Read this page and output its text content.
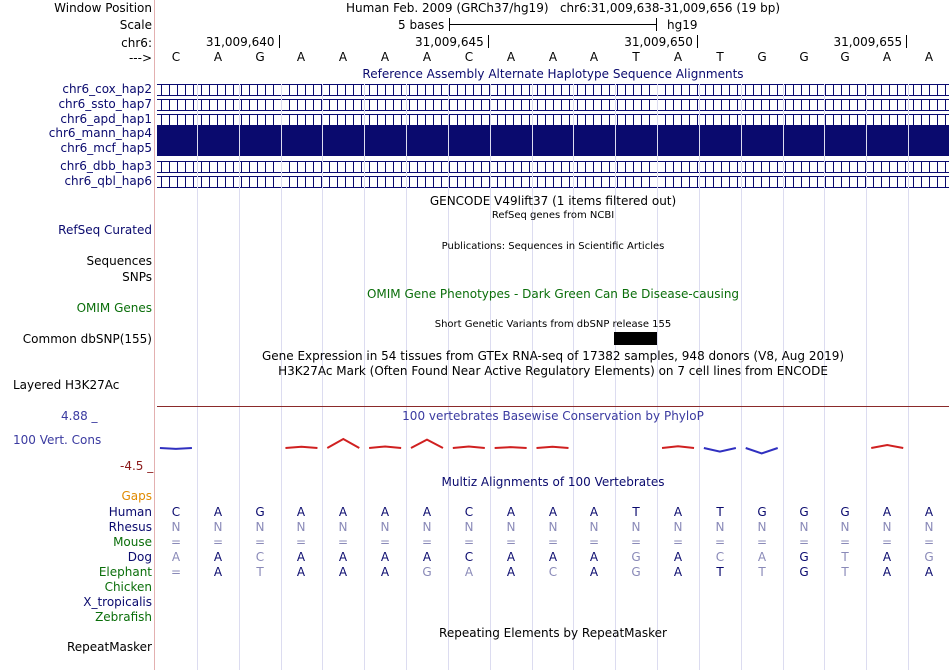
Window Position	Human Feb. 2009 (GRCh37/hg19)   chr6:31,009,638-31,009,656 (19 bp)
Scale	5 bases	hg19
chr6:
--->
31,009,640	31,009,645	31,009,650	31,009,655
C	A	G	A	A	A	A	C	A	A	A	T	A	T	G	G	G	A	A
Reference Assembly Alternate Haplotype Sequence Alignments
chr6_cox_hap2
chr6_ssto_hap7
chr6_apd_hap1
chr6_mann_hap4
chr6_mcf_hap5
chr6_dbb_hap3
chr6_qbl_hap6
GENCODE V49lift37 (1 items filtered out)
RefSeq genes from NCBI
RefSeq Curated
Publications: Sequences in Scientific Articles
Sequences
SNPs
OMIM Gene Phenotypes - Dark Green Can Be Disease-causing
OMIM Genes
Short Genetic Variants from dbSNP release 155
Common dbSNP(155)
Gene Expression in 54 tissues from GTEx RNA-seq of 17382 samples, 948 donors (V8, Aug 2019)
H3K27Ac Mark (Often Found Near Active Regulatory Elements) on 7 cell lines from ENCODE
Layered H3K27Ac
100 vertebrates Basewise Conservation by PhyloP
4.88 _
100 Vert. Cons
-4.5 _
Multiz Alignments of 100 Vertebrates
Gaps
Human	C	A	G	A	A	A	A	C	A	A	A	T	A	T	G	G	G	A	A
Rhesus	N	N	N	N	N	N	N	N	N	N	N	N	N	N	N	N	N	N	N
Mouse	=	=	=	=	=	=	=	=	=	=	=	=	=	=	=	=	=	=	=
Dog	A	A	C	A	A	A	A	C	A	A	A	G	A	C	A	G	T	A	G
Elephant	=	A	T	A	A	A	G	A	A	C	A	G	A	T	T	G	T	A	A
Chicken
X_tropicalis
Zebrafish
Repeating Elements by RepeatMasker
RepeatMasker
